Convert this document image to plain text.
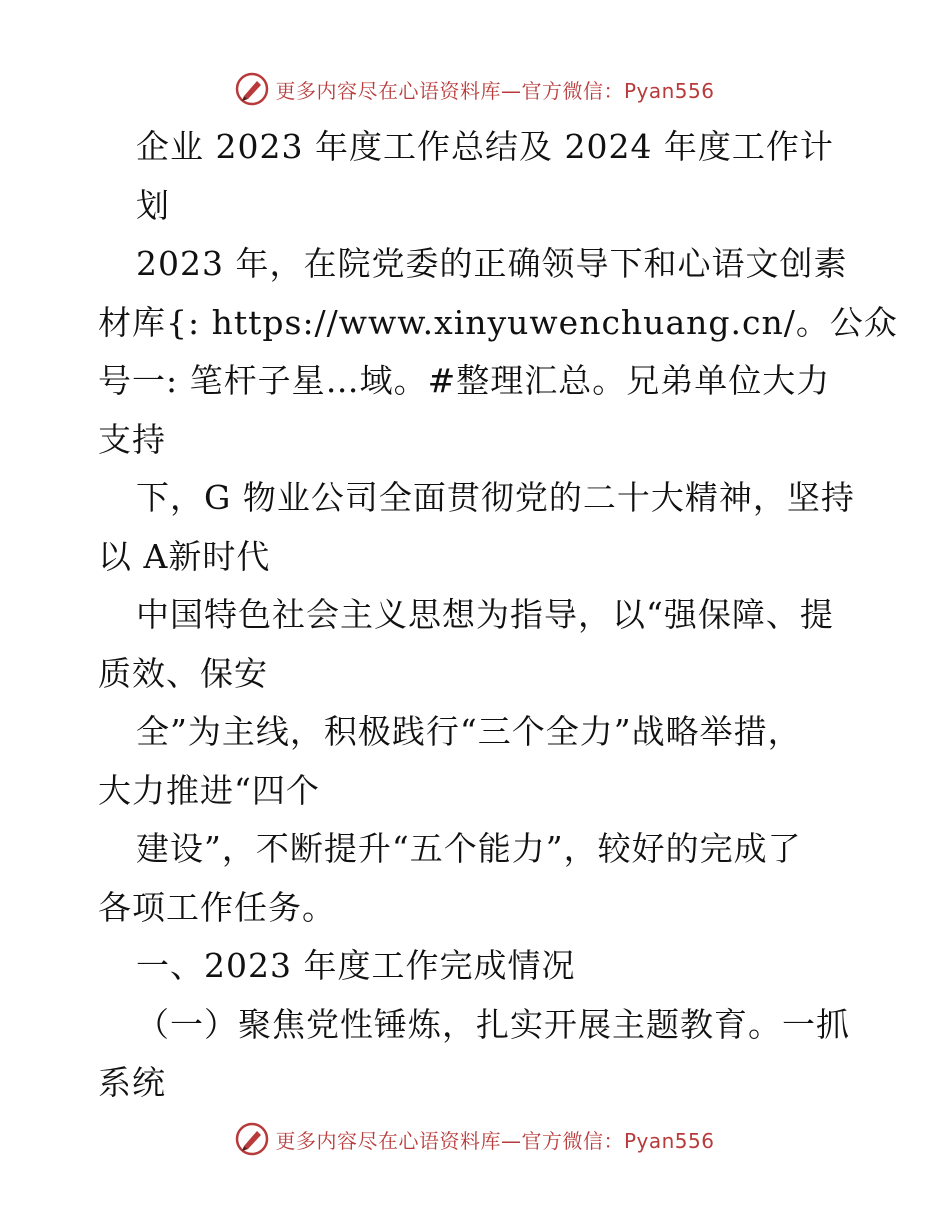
更多内容尽在心语资料库—官方微信：Pyan556
企业 2023 年度工作总结及 2024 年度工作计
划
2023 年，在院党委的正确领导下和心语文创素
材库{: https://www.xinyuwenchuang.cn/。公众
号一: 笔杆子星…域。#整理汇总。兄弟单位大力
支持
下，G 物业公司全面贯彻党的二十大精神，坚持
以 A新时代
中国特色社会主义思想为指导，以“强保障、提
质效、保安
全”为主线，积极践行“三个全力”战略举措，
大力推进“四个
建设”，不断提升“五个能力”，较好的完成了
各项工作任务。
一、2023 年度工作完成情况
（一）聚焦党性锤炼，扎实开展主题教育。一抓
系统
更多内容尽在心语资料库—官方微信：Pyan556
